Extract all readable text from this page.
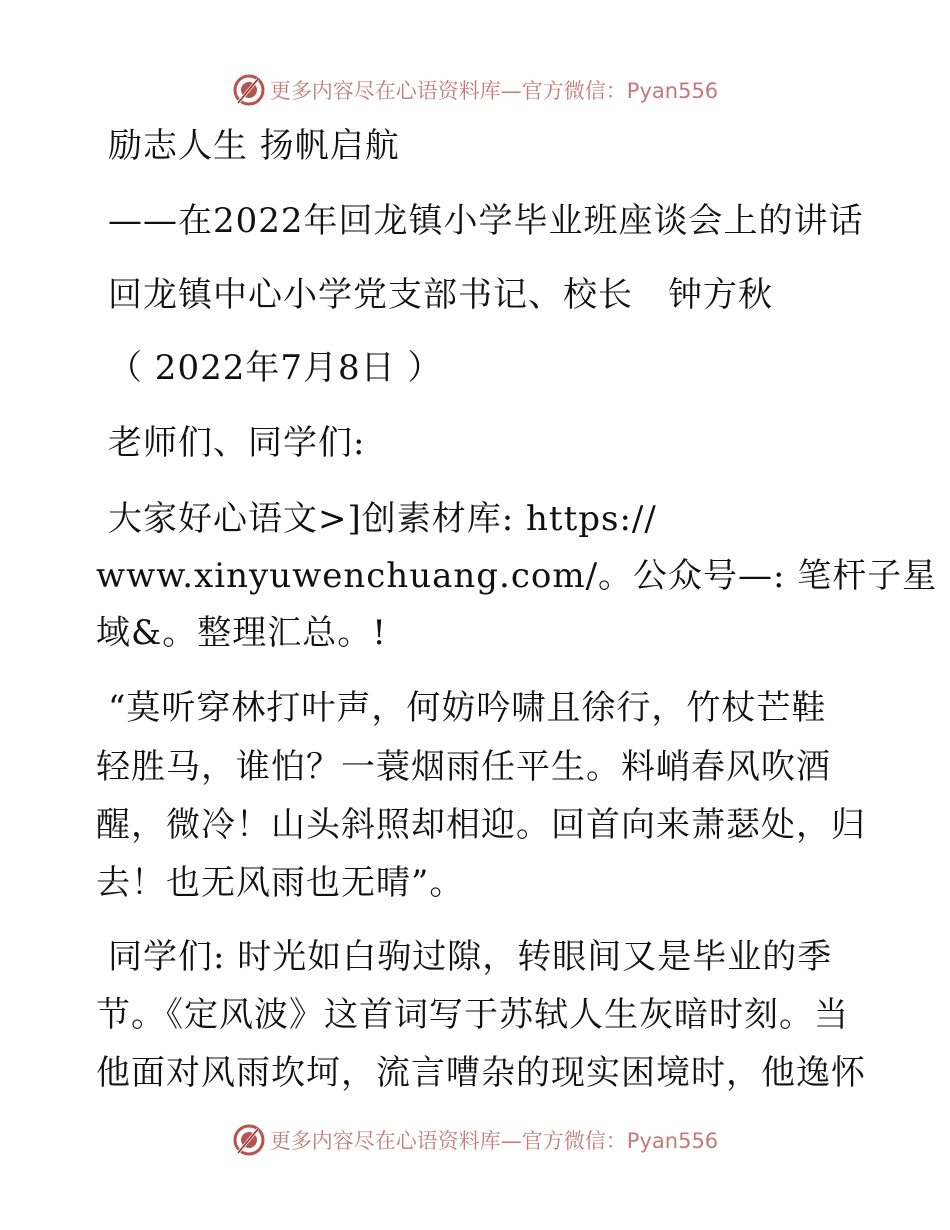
更多内容尽在心语资料库—官方微信：Pyan556
励志人生 扬帆启航
——在2022年回龙镇小学毕业班座谈会上的讲话
回龙镇中心小学党支部书记、校长　钟方秋
（ 2022年7月8日 ）
老师们、同学们:
大家好心语文>]创素材库: https://
www.xinyuwenchuang.com/。公众号—: 笔杆子星
域&。整理汇总。!
“莫听穿林打叶声，何妨吟啸且徐行，竹杖芒鞋
轻胜马，谁怕？一蓑烟雨任平生。料峭春风吹酒
醒，微冷！山头斜照却相迎。回首向来萧瑟处，归
去！也无风雨也无晴”。
同学们: 时光如白驹过隙，转眼间又是毕业的季
节。《定风波》这首词写于苏轼人生灰暗时刻。当
他面对风雨坎坷，流言嘈杂的现实困境时，他逸怀
更多内容尽在心语资料库—官方微信：Pyan556
